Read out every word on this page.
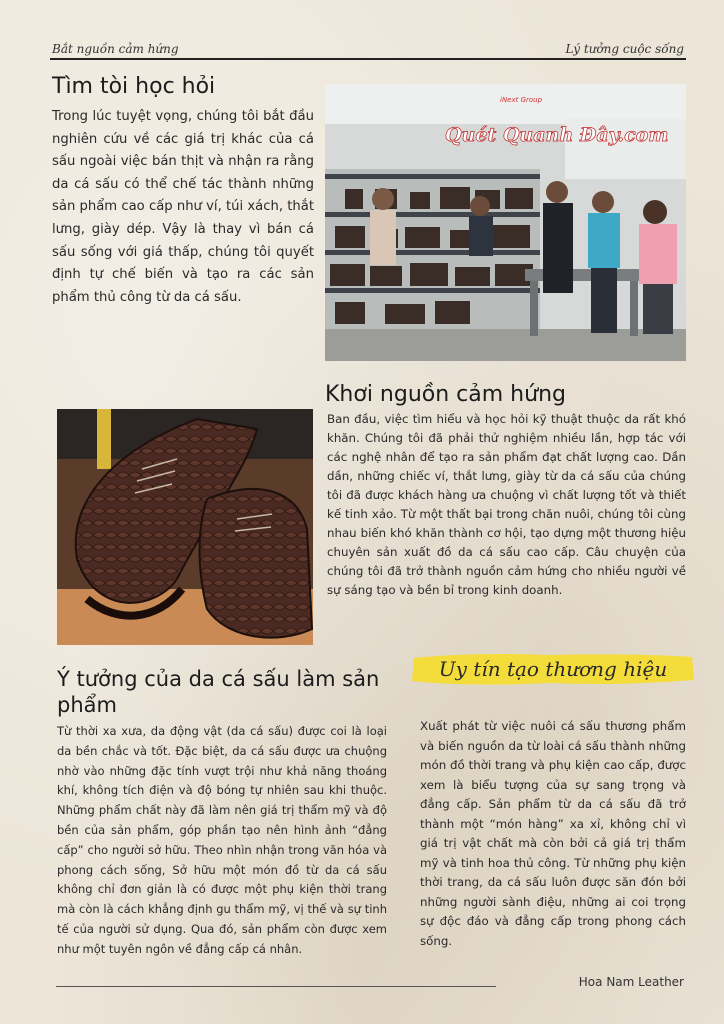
Bắt nguồn cảm hứng	Lý tưởng cuộc sống
Tìm tòi học hỏi

Trong lúc tuyệt vọng, chúng tôi bắt đầu nghiên cứu về các giá trị khác của cá sấu ngoài việc bán thịt và nhận ra rằng da cá sấu có thể chế tác thành những sản phẩm cao cấp như ví, túi xách, thắt lưng, giày dép. Vậy là thay vì bán cá sấu sống với giá thấp, chúng tôi quyết định tự chế biến và tạo ra các sản phẩm thủ công từ da cá sấu.

iNext Group
Quét Quanh Đây.com
Khơi nguồn cảm hứng

Ban đầu, việc tìm hiểu và học hỏi kỹ thuật thuộc da rất khó khăn. Chúng tôi đã phải thử nghiệm nhiều lần, hợp tác với các nghệ nhân để tạo ra sản phẩm đạt chất lượng cao. Dần dần, những chiếc ví, thắt lưng, giày từ da cá sấu của chúng tôi đã được khách hàng ưa chuộng vì chất lượng tốt và thiết kế tinh xảo. Từ một thất bại trong chăn nuôi, chúng tôi cùng nhau biến khó khăn thành cơ hội, tạo dựng một thương hiệu chuyên sản xuất đồ da cá sấu cao cấp. Câu chuyện của chúng tôi đã trở thành nguồn cảm hứng cho nhiều người về sự sáng tạo và bền bỉ trong kinh doanh.

Ý tưởng của da cá sấu làm sản phẩm

Từ thời xa xưa, da động vật (da cá sấu) được coi là loại da bền chắc và tốt. Đặc biệt, da cá sấu được ưa chuộng nhờ vào những đặc tính vượt trội như khả năng thoáng khí, không tích điện và độ bóng tự nhiên sau khi thuộc. Những phẩm chất này đã làm nên giá trị thẩm mỹ và độ bền của sản phẩm, góp phần tạo nên hình ảnh “đẳng cấp” cho người sở hữu. Theo nhìn nhận trong văn hóa và phong cách sống, Sở hữu một món đồ từ da cá sấu không chỉ đơn giản là có được một phụ kiện thời trang mà còn là cách khẳng định gu thẩm mỹ, vị thế và sự tinh tế của người sử dụng. Qua đó, sản phẩm còn được xem như một tuyên ngôn về đẳng cấp cá nhân.

Uy tín tạo thương hiệu

Xuất phát từ việc nuôi cá sấu thương phẩm và biến nguồn da từ loài cá sấu thành những món đồ thời trang và phụ kiện cao cấp, được xem là biểu tượng của sự sang trọng và đẳng cấp. Sản phẩm từ da cá sấu đã trở thành một “món hàng” xa xỉ, không chỉ vì giá trị vật chất mà còn bởi cả giá trị thẩm mỹ và tinh hoa thủ công. Từ những phụ kiện thời trang, da cá sấu luôn được săn đón bởi những người sành điệu, những ai coi trọng sự độc đáo và đẳng cấp trong phong cách sống.

Hoa Nam Leather
